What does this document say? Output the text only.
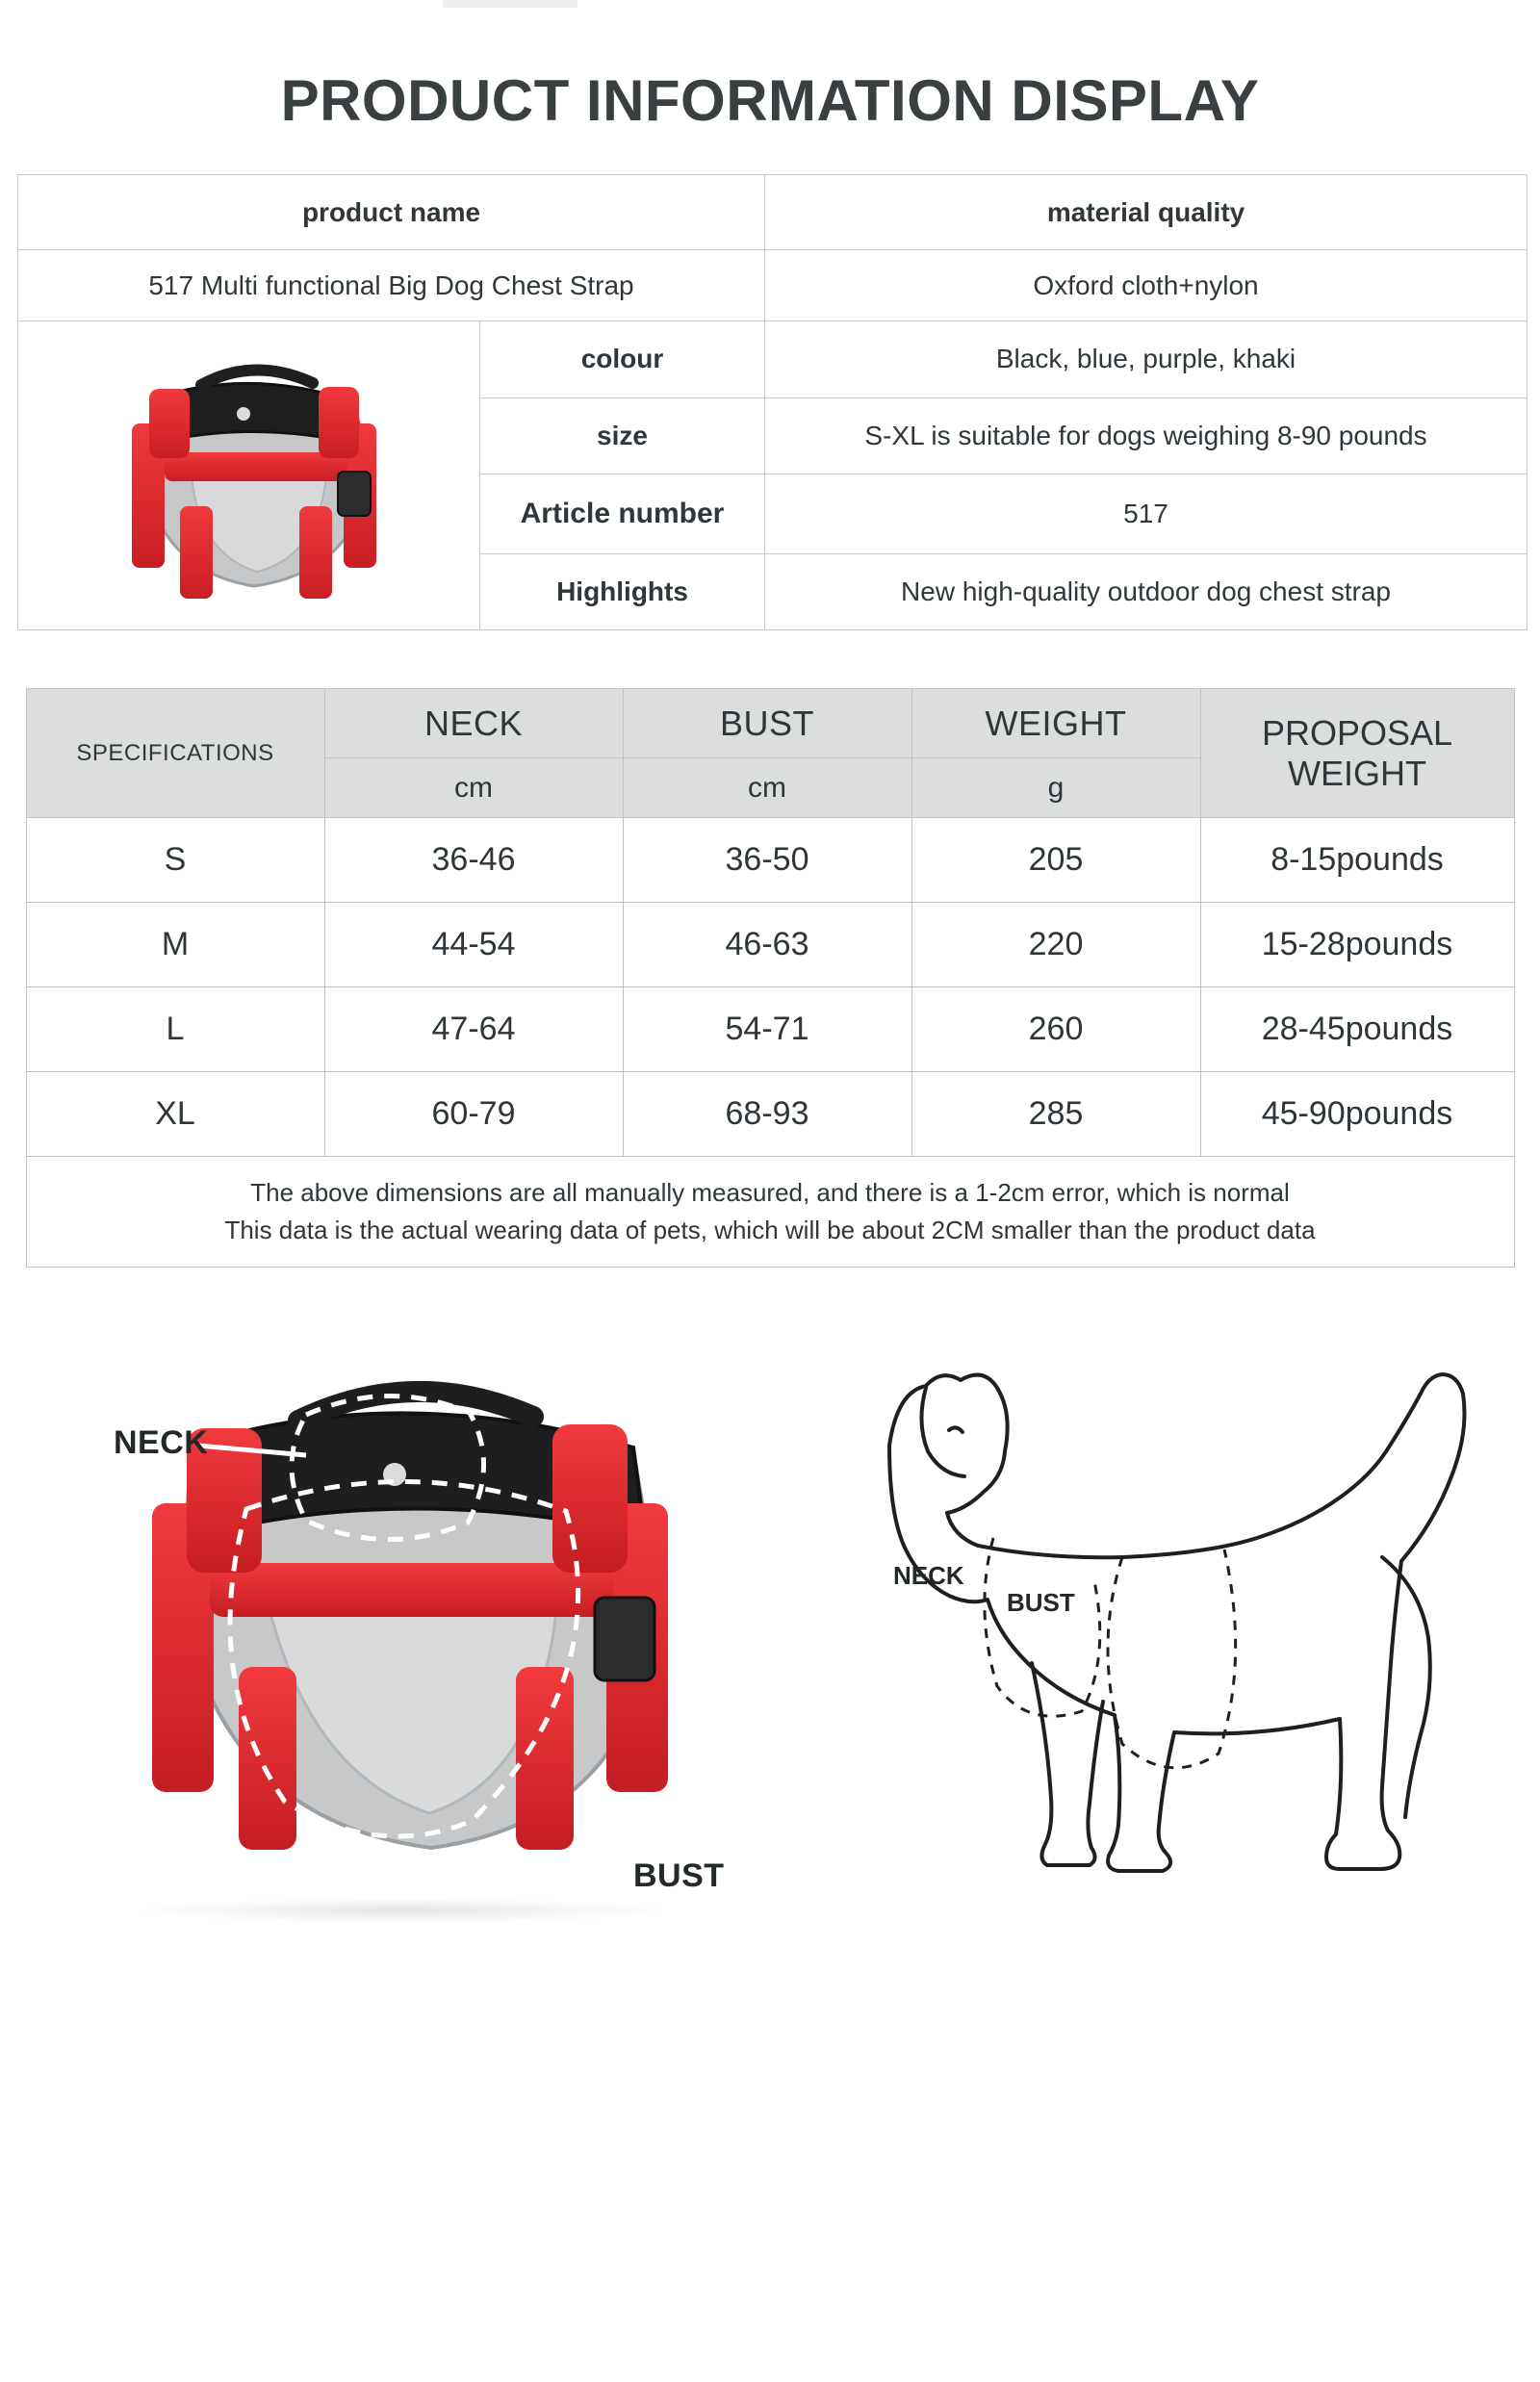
PRODUCT INFORMATION DISPLAY
product name		material quality
517 Multi functional Big Dog Chest Strap		Oxford cloth+nylon

	colour	Black, blue, purple, khaki
	size	S-XL is suitable for dogs weighing 8-90 pounds
	Article number	517
	Highlights	New high-quality outdoor dog chest strap
SPECIFICATIONS	NECK	BUST	WEIGHT	PROPOSAL WEIGHT
	cm	cm	g	
S	36-46	36-50	205	8-15pounds
M	44-54	46-63	220	15-28pounds
L	47-64	54-71	260	28-45pounds
XL	60-79	68-93	285	45-90pounds

The above dimensions are all manually measured, and there is a 1-2cm error, which is normal
This data is the actual wearing data of pets, which will be about 2CM smaller than the product data				
NECK
BUST
NECK
BUST
